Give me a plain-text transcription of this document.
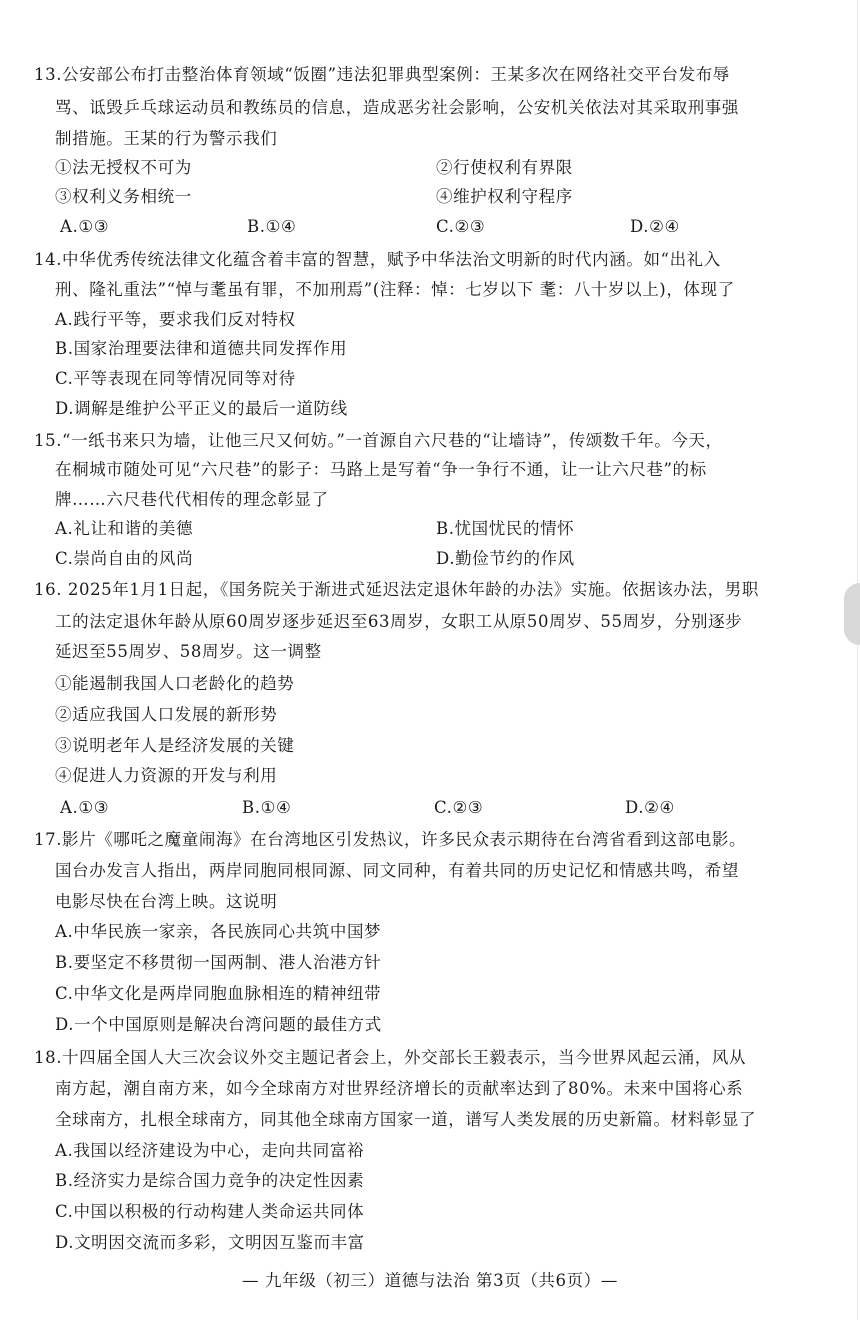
13.公安部公布打击整治体育领域“饭圈”违法犯罪典型案例：王某多次在网络社交平台发布辱
骂、诋毁乒乓球运动员和教练员的信息，造成恶劣社会影响，公安机关依法对其采取刑事强
制措施。王某的行为警示我们
①法无授权不可为	②行使权利有界限
③权利义务相统一	④维护权利守程序
A.①③	B.①④	C.②③	D.②④
14.中华优秀传统法律文化蕴含着丰富的智慧，赋予中华法治文明新的时代内涵。如“出礼入
刑、隆礼重法”“悼与耄虽有罪，不加刑焉”(注释：悼：七岁以下 耄：八十岁以上)，体现了
A.践行平等，要求我们反对特权
B.国家治理要法律和道德共同发挥作用
C.平等表现在同等情况同等对待
D.调解是维护公平正义的最后一道防线
15.“一纸书来只为墙，让他三尺又何妨。”一首源自六尺巷的“让墙诗”，传颂数千年。今天，
在桐城市随处可见“六尺巷”的影子：马路上是写着“争一争行不通，让一让六尺巷”的标
牌……六尺巷代代相传的理念彰显了
A.礼让和谐的美德	B.忧国忧民的情怀
C.崇尚自由的风尚	D.勤俭节约的作风
16. 2025年1月1日起，《国务院关于渐进式延迟法定退休年龄的办法》实施。依据该办法，男职
工的法定退休年龄从原60周岁逐步延迟至63周岁，女职工从原50周岁、55周岁，分别逐步
延迟至55周岁、58周岁。这一调整
①能遏制我国人口老龄化的趋势
②适应我国人口发展的新形势
③说明老年人是经济发展的关键
④促进人力资源的开发与利用
A.①③	B.①④	C.②③	D.②④
17.影片《哪吒之魔童闹海》在台湾地区引发热议，许多民众表示期待在台湾省看到这部电影。
国台办发言人指出，两岸同胞同根同源、同文同种，有着共同的历史记忆和情感共鸣，希望
电影尽快在台湾上映。这说明
A.中华民族一家亲，各民族同心共筑中国梦
B.要坚定不移贯彻一国两制、港人治港方针
C.中华文化是两岸同胞血脉相连的精神纽带
D.一个中国原则是解决台湾问题的最佳方式
18.十四届全国人大三次会议外交主题记者会上，外交部长王毅表示，当今世界风起云涌，风从
南方起，潮自南方来，如今全球南方对世界经济增长的贡献率达到了80%。未来中国将心系
全球南方，扎根全球南方，同其他全球南方国家一道，谱写人类发展的历史新篇。材料彰显了
A.我国以经济建设为中心，走向共同富裕
B.经济实力是综合国力竞争的决定性因素
C.中国以积极的行动构建人类命运共同体
D.文明因交流而多彩，文明因互鉴而丰富
— 九年级（初三）道德与法治 第3页（共6页）—
